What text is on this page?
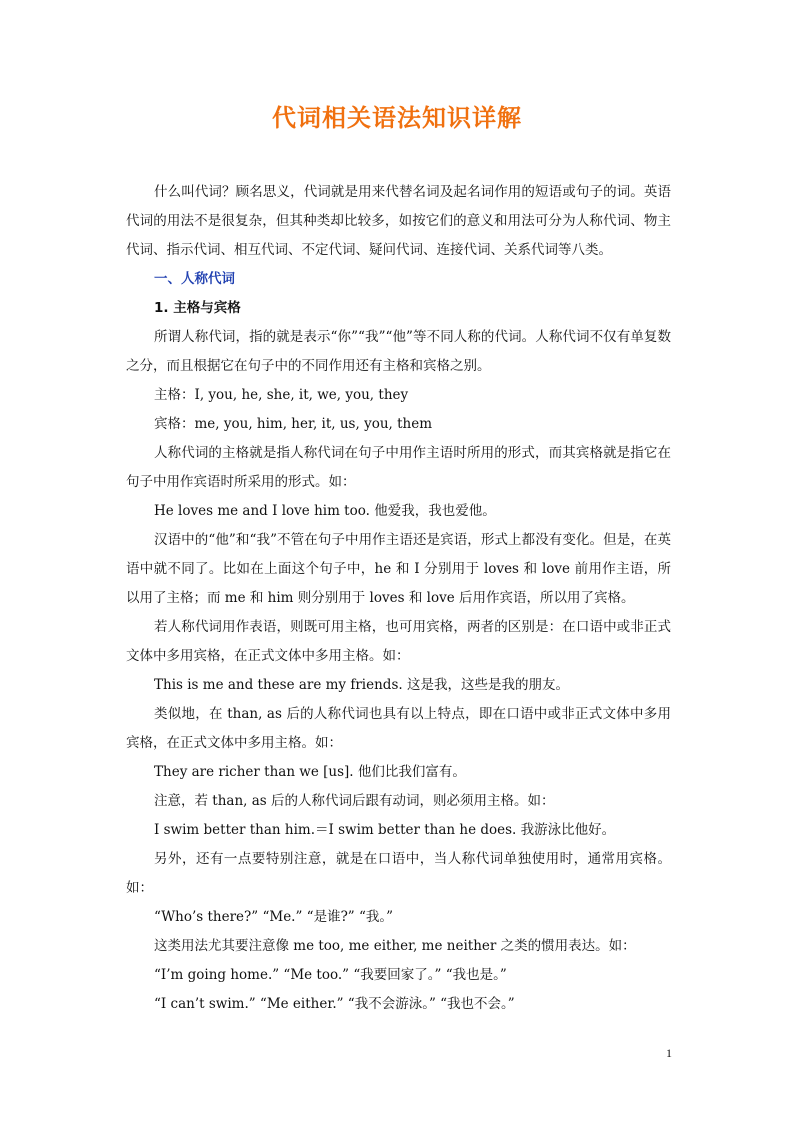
代词相关语法知识详解

什么叫代词？顾名思义，代词就是用来代替名词及起名词作用的短语或句子的词。英语代词的用法不是很复杂，但其种类却比较多，如按它们的意义和用法可分为人称代词、物主代词、指示代词、相互代词、不定代词、疑问代词、连接代词、关系代词等八类。

一、人称代词

1. 主格与宾格

所谓人称代词，指的就是表示“你”“我”“他”等不同人称的代词。人称代词不仅有单复数之分，而且根据它在句子中的不同作用还有主格和宾格之别。

主格：I, you, he, she, it, we, you, they

宾格：me, you, him, her, it, us, you, them

人称代词的主格就是指人称代词在句子中用作主语时所用的形式，而其宾格就是指它在句子中用作宾语时所采用的形式。如：

He loves me and I love him too. 他爱我，我也爱他。

汉语中的“他”和“我”不管在句子中用作主语还是宾语，形式上都没有变化。但是，在英语中就不同了。比如在上面这个句子中，he 和 I 分别用于 loves 和 love 前用作主语，所以用了主格；而 me 和 him 则分别用于 loves 和 love 后用作宾语，所以用了宾格。

若人称代词用作表语，则既可用主格，也可用宾格，两者的区别是：在口语中或非正式文体中多用宾格，在正式文体中多用主格。如：

This is me and these are my friends. 这是我，这些是我的朋友。

类似地，在 than, as 后的人称代词也具有以上特点，即在口语中或非正式文体中多用宾格，在正式文体中多用主格。如：

They are richer than we [us]. 他们比我们富有。

注意，若 than, as 后的人称代词后跟有动词，则必须用主格。如：

I swim better than him.＝I swim better than he does. 我游泳比他好。

另外，还有一点要特别注意，就是在口语中，当人称代词单独使用时，通常用宾格。如：

“Who’s there?” “Me.” “是谁?” “我。”

这类用法尤其要注意像 me too, me either, me neither 之类的惯用表达。如：

“I’m going home.” “Me too.” “我要回家了。” “我也是。”

“I can’t swim.” “Me either.” “我不会游泳。” “我也不会。”

1
